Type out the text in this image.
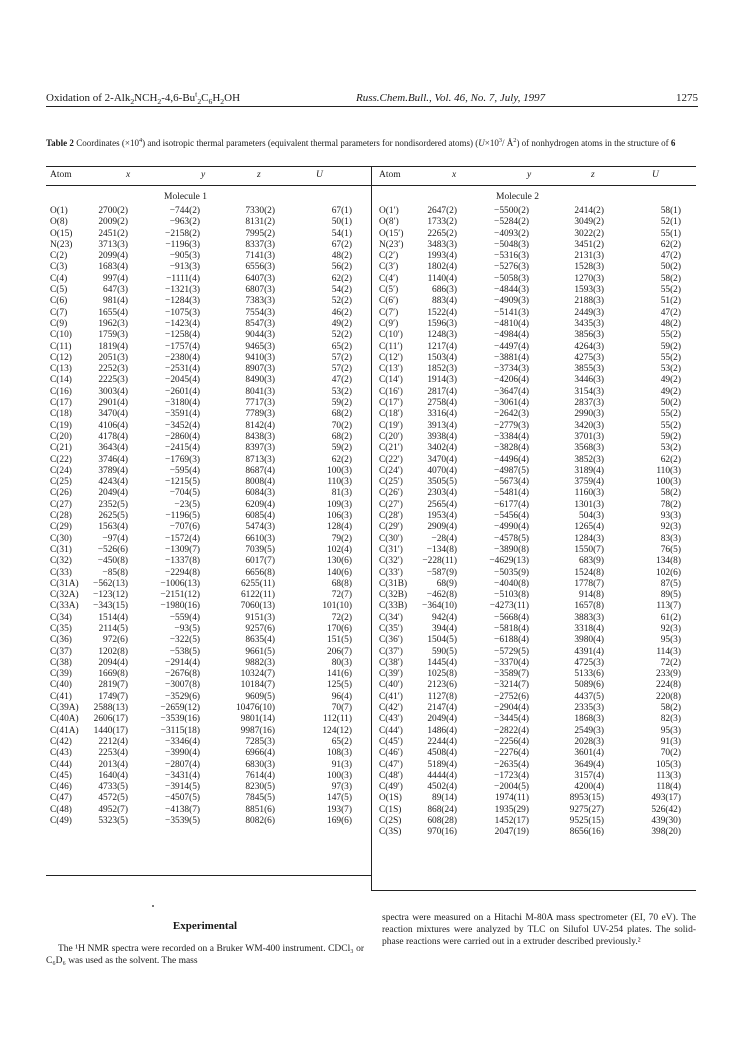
Oxidation of $2-Alk_2NCH_2-4,6-Bu^t_2C_6H_2OH$	Russ.Chem.Bull., Vol. 46, No. 7, July, 1997	1275
Table 2 Coordinates $(\times 10^4)$ and isotropic thermal parameters (equivalent thermal parameters for nondisordered atoms) ($U\times 10^3/$ $Å^2$) of nonhydrogen atoms in the structure of 6
Atom	x	y	z	U	Atom	x	y	z	U
Molecule 1	Molecule 2
O(1)	2700(2)	−744(2)	7330(2)	67(1)
O(8)	2009(2)	−963(2)	8131(2)	50(1)
O(15)	2451(2)	−2158(2)	7995(2)	54(1)
N(23)	3713(3)	−1196(3)	8337(3)	67(2)
C(2)	2099(4)	−905(3)	7141(3)	48(2)
C(3)	1683(4)	−913(3)	6556(3)	56(2)
C(4)	997(4)	−1111(4)	6407(3)	62(2)
C(5)	647(3)	−1321(3)	6807(3)	54(2)
C(6)	981(4)	−1284(3)	7383(3)	52(2)
C(7)	1655(4)	−1075(3)	7554(3)	46(2)
C(9)	1962(3)	−1423(4)	8547(3)	49(2)
C(10)	1759(3)	−1258(4)	9044(3)	52(2)
C(11)	1819(4)	−1757(4)	9465(3)	65(2)
C(12)	2051(3)	−2380(4)	9410(3)	57(2)
C(13)	2252(3)	−2531(4)	8907(3)	57(2)
C(14)	2225(3)	−2045(4)	8490(3)	47(2)
C(16)	3003(4)	−2601(4)	8041(3)	53(2)
C(17)	2901(4)	−3180(4)	7717(3)	59(2)
C(18)	3470(4)	−3591(4)	7789(3)	68(2)
C(19)	4106(4)	−3452(4)	8142(4)	70(2)
C(20)	4178(4)	−2860(4)	8438(3)	68(2)
C(21)	3643(4)	−2415(4)	8397(3)	59(2)
C(22)	3746(4)	−1769(3)	8713(3)	62(2)
C(24)	3789(4)	−595(4)	8687(4)	100(3)
C(25)	4243(4)	−1215(5)	8008(4)	110(3)
C(26)	2049(4)	−704(5)	6084(3)	81(3)
C(27)	2352(5)	−23(5)	6209(4)	109(3)
C(28)	2625(5)	−1196(5)	6085(4)	106(3)
C(29)	1563(4)	−707(6)	5474(3)	128(4)
C(30)	−97(4)	−1572(4)	6610(3)	79(2)
C(31)	−526(6)	−1309(7)	7039(5)	102(4)
C(32)	−450(8)	−1337(8)	6017(7)	130(6)
C(33)	−85(8)	−2294(8)	6656(8)	140(6)
C(31A) −562(13)	−1006(13)	6255(11)	68(8)
C(32A) −123(12)	−2151(12)	6122(11)	72(7)
C(33A) −343(15)	−1980(16)	7060(13)	101(10)
C(34)	1514(4)	−559(4)	9151(3)	72(2)
C(35)	2114(5)	−93(5)	9257(6)	170(6)
C(36)	972(6)	−322(5)	8635(4)	151(5)
C(37)	1202(8)	−538(5)	9661(5)	206(7)
C(38)	2094(4)	−2914(4)	9882(3)	80(3)
C(39)	1669(8)	−2676(8)	10324(7)	141(6)
C(40)	2819(7)	−3007(8)	10184(7)	125(5)
C(41)	1749(7)	−3529(6)	9609(5)	96(4)
C(39A) 2588(13)	−2659(12)	10476(10)	70(7)
C(40A) 2606(17)	−3539(16)	9801(14)	112(11)
C(41A) 1440(17)	−3115(18)	9987(16)	124(12)
C(42)	2212(4)	−3346(4)	7285(3)	65(2)
C(43)	2253(4)	−3990(4)	6966(4)	108(3)
C(44)	2013(4)	−2807(4)	6830(3)	91(3)
C(45)	1640(4)	−3431(4)	7614(4)	100(3)
C(46)	4733(5)	−3914(5)	8230(5)	97(3)
C(47)	4572(5)	−4507(5)	7845(5)	147(5)
C(48)	4952(7)	−4138(7)	8851(6)	193(7)
C(49)	5323(5)	−3539(5)	8082(6)	169(6)
O(1′)	2647(2)	−5500(2)	2414(2)	58(1)
O(8′)	1733(2)	−5284(2)	3049(2)	52(1)
O(15′)	2265(2)	−4093(2)	3022(2)	55(1)
N(23′)	3483(3)	−5048(3)	3451(2)	62(2)
C(2′)	1993(4)	−5316(3)	2131(3)	47(2)
C(3′)	1802(4)	−5276(3)	1528(3)	50(2)
C(4′)	1140(4)	−5058(3)	1270(3)	58(2)
C(5′)	686(3)	−4844(3)	1593(3)	55(2)
C(6′)	883(4)	−4909(3)	2188(3)	51(2)
C(7′)	1522(4)	−5141(3)	2449(3)	47(2)
C(9′)	1596(3)	−4810(4)	3435(3)	48(2)
C(10′)	1248(3)	−4984(4)	3856(3)	55(2)
C(11′)	1217(4)	−4497(4)	4264(3)	59(2)
C(12′)	1503(4)	−3881(4)	4275(3)	55(2)
C(13′)	1852(3)	−3734(3)	3855(3)	53(2)
C(14′)	1914(3)	−4206(4)	3446(3)	49(2)
C(16′)	2817(4)	−3647(4)	3154(3)	49(2)
C(17′)	2758(4)	−3061(4)	2837(3)	50(2)
C(18′)	3316(4)	−2642(3)	2990(3)	55(2)
C(19′)	3913(4)	−2779(3)	3420(3)	55(2)
C(20′)	3938(4)	−3384(4)	3701(3)	59(2)
C(21′)	3402(4)	−3828(4)	3568(3)	53(2)
C(22′)	3470(4)	−4496(4)	3852(3)	62(2)
C(24′)	4070(4)	−4987(5)	3189(4)	110(3)
C(25′)	3505(5)	−5673(4)	3759(4)	100(3)
C(26′)	2303(4)	−5481(4)	1160(3)	58(2)
C(27′)	2565(4)	−6177(4)	1301(3)	78(2)
C(28′)	1953(4)	−5456(4)	504(3)	93(3)
C(29′)	2909(4)	−4990(4)	1265(4)	92(3)
C(30′)	−28(4)	−4578(5)	1284(3)	83(3)
C(31′)	−134(8)	−3890(8)	1550(7)	76(5)
C(32′) −228(11)	−4629(13)	683(9)	134(8)
C(33′)	−587(9)	−5035(9)	1524(8)	102(6)
C(31B)	68(9)	−4040(8)	1778(7)	87(5)
C(32B) −462(8)	−5103(8)	914(8)	89(5)
C(33B) −364(10)	−4273(11)	1657(8)	113(7)
C(34′)	942(4)	−5668(4)	3883(3)	61(2)
C(35′)	394(4)	−5818(4)	3318(4)	92(3)
C(36′)	1504(5)	−6188(4)	3980(4)	95(3)
C(37′)	590(5)	−5729(5)	4391(4)	114(3)
C(38′)	1445(4)	−3370(4)	4725(3)	72(2)
C(39′)	1025(8)	−3589(7)	5133(6)	233(9)
C(40′)	2123(6)	−3214(7)	5089(6)	224(8)
C(41′)	1127(8)	−2752(6)	4437(5)	220(8)
C(42′)	2147(4)	−2904(4)	2335(3)	58(2)
C(43′)	2049(4)	−3445(4)	1868(3)	82(3)
C(44′)	1486(4)	−2822(4)	2549(3)	95(3)
C(45′)	2244(4)	−2256(4)	2028(3)	91(3)
C(46′)	4508(4)	−2276(4)	3601(4)	70(2)
C(47′)	5189(4)	−2635(4)	3649(4)	105(3)
C(48′)	4444(4)	−1723(4)	3157(4)	113(3)
C(49′)	4502(4)	−2004(5)	4200(4)	118(4)
O(1S)	89(14)	1974(11)	8953(15)	493(17)
C(1S)	868(24)	1935(29)	9275(27)	526(42)
C(2S)	608(28)	1452(17)	9525(15)	439(30)
C(3S)	970(16)	2047(19)	8656(16)	398(20)
Experimental
The ¹H NMR spectra were recorded on a Bruker WM-400 instrument. CDCl₃ or C₆D₆ was used as the solvent. The mass
spectra were measured on a Hitachi M-80A mass spectrometer (EI, 70 eV). The reaction mixtures were analyzed by TLC on Silufol UV-254 plates. The solid-phase reactions were carried out in a extruder described previously.²
